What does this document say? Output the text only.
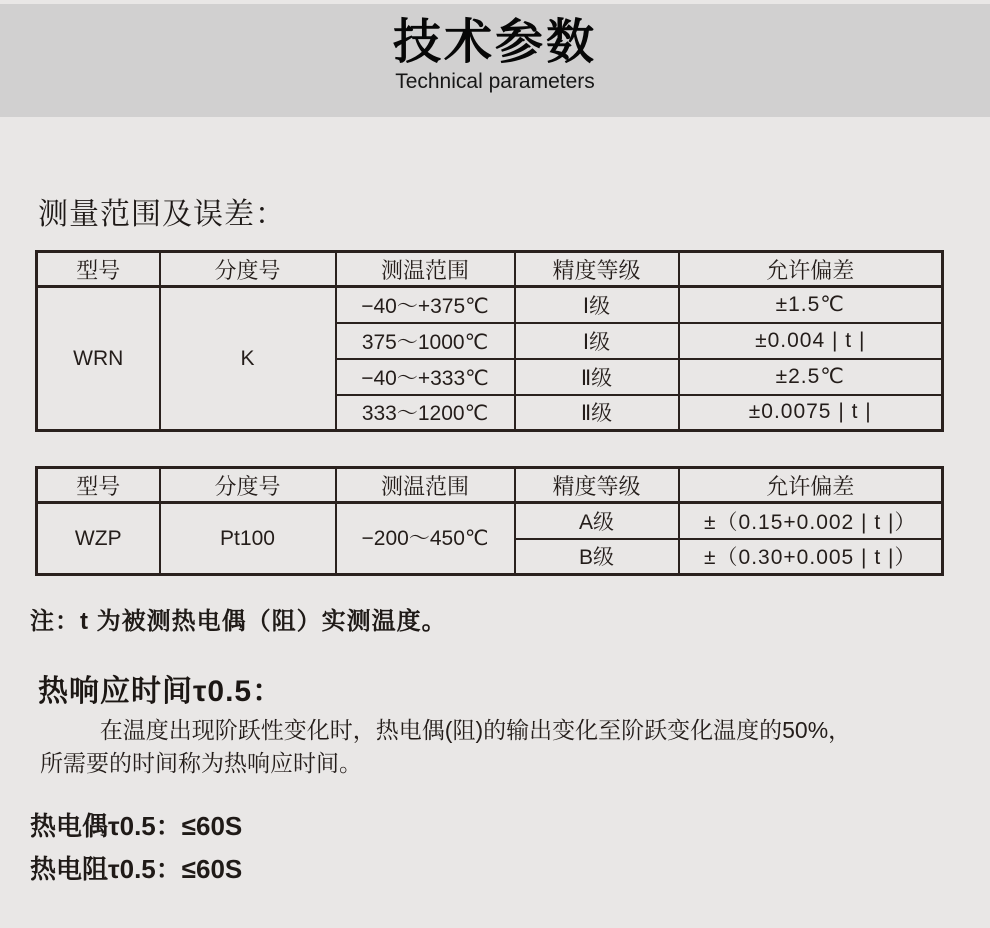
技术参数
Technical parameters
测量范围及误差：
型号	分度号	测温范围	精度等级	允许偏差
WRN	K	−40～+375℃	Ⅰ级	±1.5℃
		375～1000℃	Ⅰ级	±0.004 | t |
		−40～+333℃	Ⅱ级	±2.5℃
		333～1200℃	Ⅱ级	±0.0075 | t |
型号	分度号	测温范围	精度等级	允许偏差
WZP	Pt100	−200～450℃	A级	±（0.15+0.002 | t |）
			B级	±（0.30+0.005 | t |）
注：t 为被测热电偶（阻）实测温度。
热响应时间τ0.5：
在温度出现阶跃性变化时，热电偶(阻)的输出变化至阶跃变化温度的50%，
所需要的时间称为热响应时间。
热电偶τ0.5：≤60S
热电阻τ0.5：≤60S
